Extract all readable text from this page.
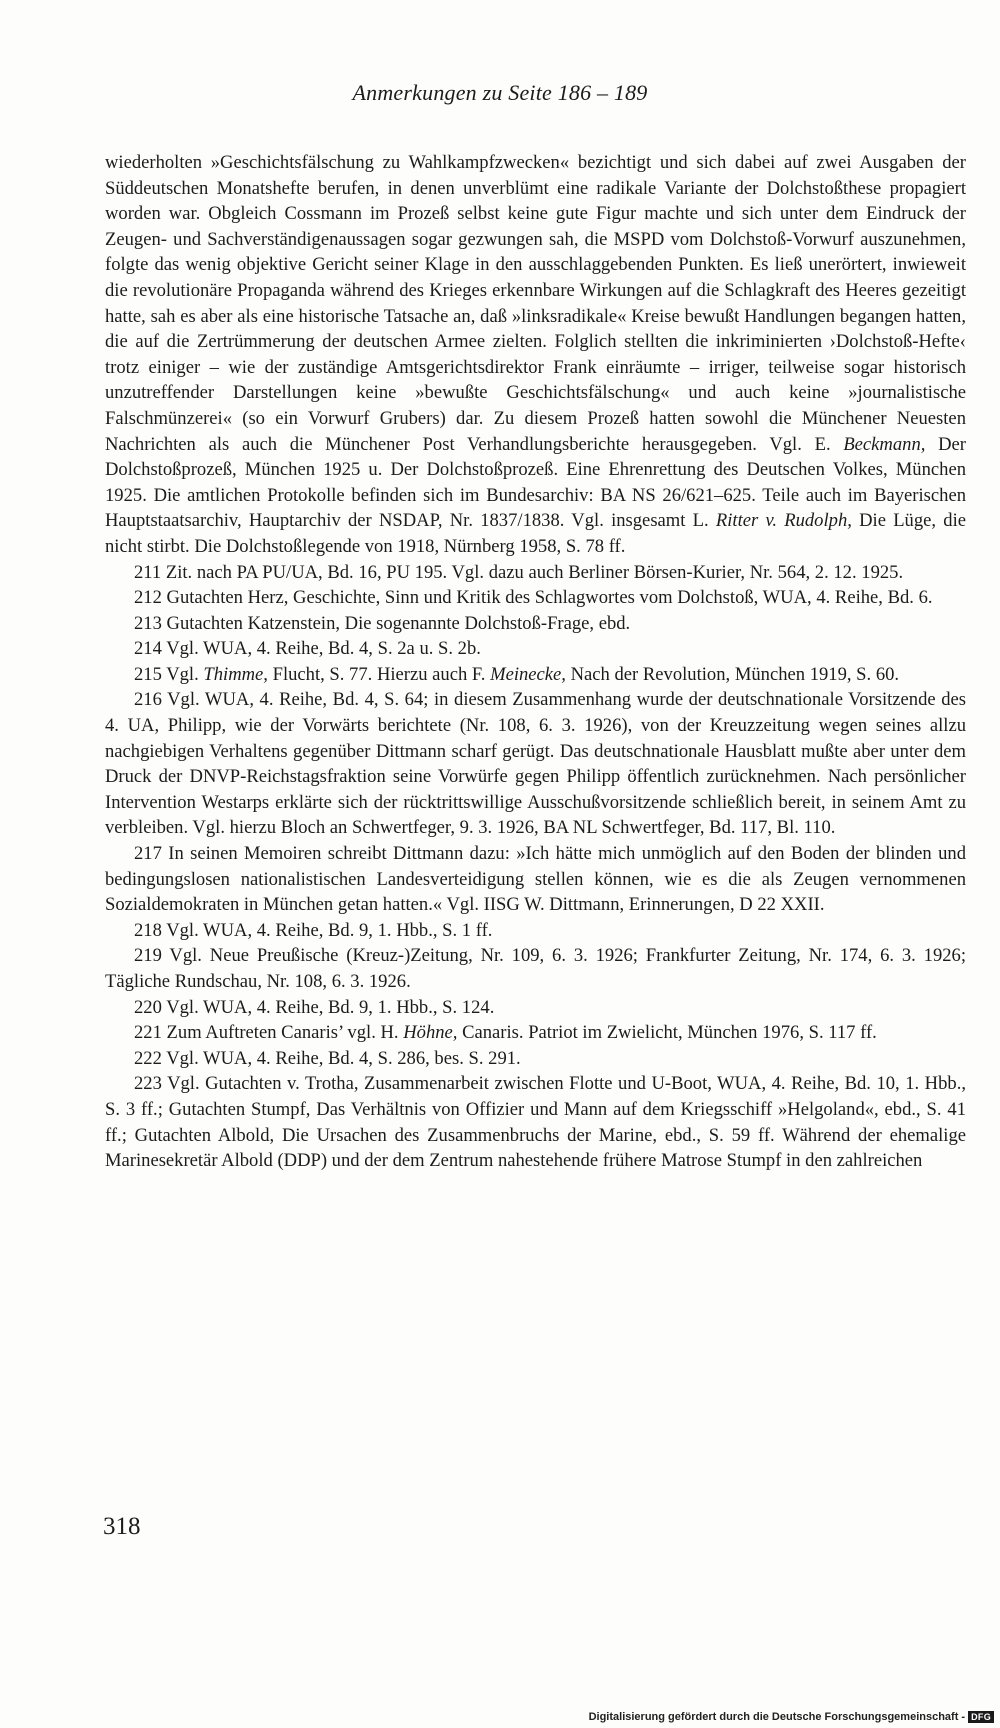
Anmerkungen zu Seite 186 – 189

wiederholten »Geschichtsfälschung zu Wahlkampfzwecken« bezichtigt und sich dabei auf zwei Ausgaben der Süddeutschen Monatshefte berufen, in denen unverblümt eine radikale Variante der Dolchstoßthese propagiert worden war. Obgleich Cossmann im Prozeß selbst keine gute Figur machte und sich unter dem Eindruck der Zeugen- und Sachverständigenaussagen sogar gezwungen sah, die MSPD vom Dolchstoß-Vorwurf auszunehmen, folgte das wenig objektive Gericht seiner Klage in den ausschlaggebenden Punkten. Es ließ unerörtert, inwieweit die revolutionäre Propaganda während des Krieges erkennbare Wirkungen auf die Schlagkraft des Heeres gezeitigt hatte, sah es aber als eine historische Tatsache an, daß »linksradikale« Kreise bewußt Handlungen begangen hatten, die auf die Zertrümmerung der deutschen Armee zielten. Folglich stellten die inkriminierten ›Dolchstoß-Hefte‹ trotz einiger – wie der zuständige Amtsgerichtsdirektor Frank einräumte – irriger, teilweise sogar historisch unzutreffender Darstellungen keine »bewußte Geschichtsfälschung« und auch keine »journalistische Falschmünzerei« (so ein Vorwurf Grubers) dar. Zu diesem Prozeß hatten sowohl die Münchener Neuesten Nachrichten als auch die Münchener Post Verhandlungsberichte herausgegeben. Vgl. E. Beckmann, Der Dolchstoßprozeß, München 1925 u. Der Dolchstoßprozeß. Eine Ehrenrettung des Deutschen Volkes, München 1925. Die amtlichen Protokolle befinden sich im Bundesarchiv: BA NS 26/621–625. Teile auch im Bayerischen Hauptstaatsarchiv, Hauptarchiv der NSDAP, Nr. 1837/1838. Vgl. insgesamt L. Ritter v. Rudolph, Die Lüge, die nicht stirbt. Die Dolchstoßlegende von 1918, Nürnberg 1958, S. 78 ff.

211 Zit. nach PA PU/UA, Bd. 16, PU 195. Vgl. dazu auch Berliner Börsen-Kurier, Nr. 564, 2. 12. 1925.

212 Gutachten Herz, Geschichte, Sinn und Kritik des Schlagwortes vom Dolchstoß, WUA, 4. Reihe, Bd. 6.

213 Gutachten Katzenstein, Die sogenannte Dolchstoß-Frage, ebd.

214 Vgl. WUA, 4. Reihe, Bd. 4, S. 2a u. S. 2b.

215 Vgl. Thimme, Flucht, S. 77. Hierzu auch F. Meinecke, Nach der Revolution, München 1919, S. 60.

216 Vgl. WUA, 4. Reihe, Bd. 4, S. 64; in diesem Zusammenhang wurde der deutschnationale Vorsitzende des 4. UA, Philipp, wie der Vorwärts berichtete (Nr. 108, 6. 3. 1926), von der Kreuzzeitung wegen seines allzu nachgiebigen Verhaltens gegenüber Dittmann scharf gerügt. Das deutschnationale Hausblatt mußte aber unter dem Druck der DNVP-Reichstagsfraktion seine Vorwürfe gegen Philipp öffentlich zurücknehmen. Nach persönlicher Intervention Westarps erklärte sich der rücktrittswillige Ausschußvorsitzende schließlich bereit, in seinem Amt zu verbleiben. Vgl. hierzu Bloch an Schwertfeger, 9. 3. 1926, BA NL Schwertfeger, Bd. 117, Bl. 110.

217 In seinen Memoiren schreibt Dittmann dazu: »Ich hätte mich unmöglich auf den Boden der blinden und bedingungslosen nationalistischen Landesverteidigung stellen können, wie es die als Zeugen vernommenen Sozialdemokraten in München getan hatten.« Vgl. IISG W. Dittmann, Erinnerungen, D 22 XXII.

218 Vgl. WUA, 4. Reihe, Bd. 9, 1. Hbb., S. 1 ff.

219 Vgl. Neue Preußische (Kreuz-)Zeitung, Nr. 109, 6. 3. 1926; Frankfurter Zeitung, Nr. 174, 6. 3. 1926; Tägliche Rundschau, Nr. 108, 6. 3. 1926.

220 Vgl. WUA, 4. Reihe, Bd. 9, 1. Hbb., S. 124.

221 Zum Auftreten Canaris’ vgl. H. Höhne, Canaris. Patriot im Zwielicht, München 1976, S. 117 ff.

222 Vgl. WUA, 4. Reihe, Bd. 4, S. 286, bes. S. 291.

223 Vgl. Gutachten v. Trotha, Zusammenarbeit zwischen Flotte und U-Boot, WUA, 4. Reihe, Bd. 10, 1. Hbb., S. 3 ff.; Gutachten Stumpf, Das Verhältnis von Offizier und Mann auf dem Kriegsschiff »Helgoland«, ebd., S. 41 ff.; Gutachten Albold, Die Ursachen des Zusammenbruchs der Marine, ebd., S. 59 ff. Während der ehemalige Marinesekretär Albold (DDP) und der dem Zentrum nahestehende frühere Matrose Stumpf in den zahlreichen

318
Digitalisierung gefördert durch die Deutsche Forschungsgemeinschaft - DFG
